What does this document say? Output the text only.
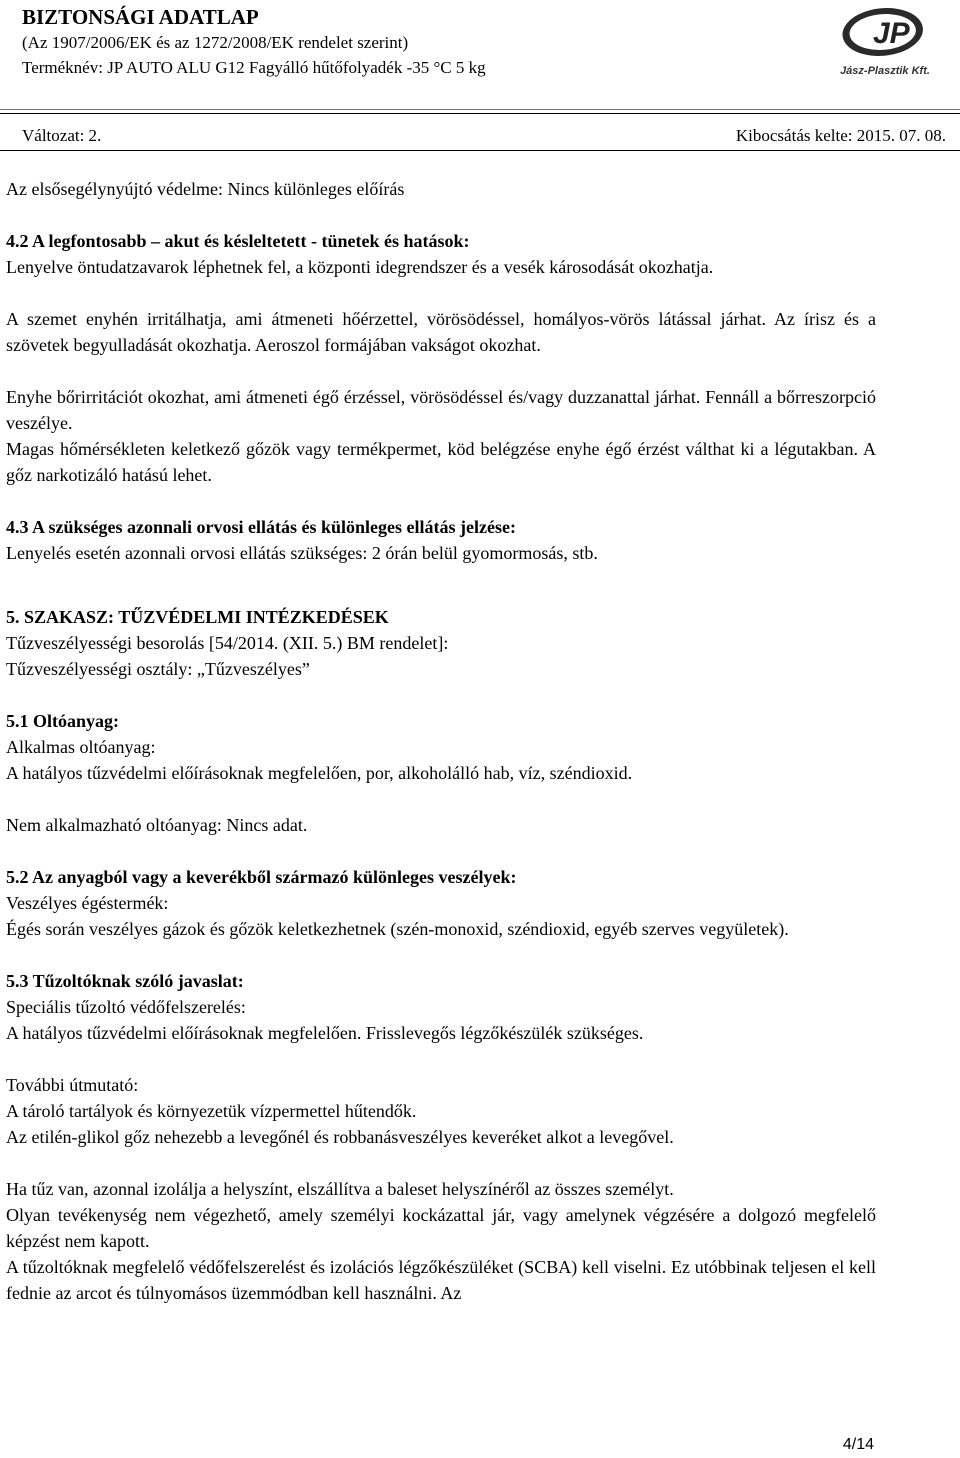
BIZTONSÁGI ADATLAP
(Az 1907/2006/EK és az 1272/2008/EK rendelet szerint)
Terméknév: JP AUTO ALU G12 Fagyálló hűtőfolyadék -35 °C 5 kg
JP
Jász-Plasztik Kft.
Változat: 2.	Kibocsátás kelte: 2015. 07. 08.

Az elsősegélynyújtó védelme: Nincs különleges előírás

4.2 A legfontosabb – akut és késleltetett - tünetek és hatások:

Lenyelve öntudatzavarok léphetnek fel, a központi idegrendszer és a vesék károsodását okozhatja.

A szemet enyhén irritálhatja, ami átmeneti hőérzettel, vörösödéssel, homályos-vörös látással járhat. Az írisz és a szövetek begyulladását okozhatja. Aeroszol formájában vakságot okozhat.

Enyhe bőrirritációt okozhat, ami átmeneti égő érzéssel, vörösödéssel és/vagy duzzanattal járhat. Fennáll a bőrreszorpció veszélye.

Magas hőmérsékleten keletkező gőzök vagy termékpermet, köd belégzése enyhe égő érzést válthat ki a légutakban. A gőz narkotizáló hatású lehet.

4.3 A szükséges azonnali orvosi ellátás és különleges ellátás jelzése:

Lenyelés esetén azonnali orvosi ellátás szükséges: 2 órán belül gyomormosás, stb.

5. SZAKASZ: TŰZVÉDELMI INTÉZKEDÉSEK

Tűzveszélyességi besorolás [54/2014. (XII. 5.) BM rendelet]:

Tűzveszélyességi osztály: „Tűzveszélyes”

5.1 Oltóanyag:

Alkalmas oltóanyag:

A hatályos tűzvédelmi előírásoknak megfelelően, por, alkoholálló hab, víz, széndioxid.

Nem alkalmazható oltóanyag: Nincs adat.

5.2 Az anyagból vagy a keverékből származó különleges veszélyek:

Veszélyes égéstermék:

Égés során veszélyes gázok és gőzök keletkezhetnek (szén-monoxid, széndioxid, egyéb szerves vegyületek).

5.3 Tűzoltóknak szóló javaslat:

Speciális tűzoltó védőfelszerelés:

A hatályos tűzvédelmi előírásoknak megfelelően. Frisslevegős légzőkészülék szükséges.

További útmutató:

A tároló tartályok és környezetük vízpermettel hűtendők.

Az etilén-glikol gőz nehezebb a levegőnél és robbanásveszélyes keveréket alkot a levegővel.

Ha tűz van, azonnal izolálja a helyszínt, elszállítva a baleset helyszínéről az összes személyt.

Olyan tevékenység nem végezhető, amely személyi kockázattal jár, vagy amelynek végzésére a dolgozó megfelelő képzést nem kapott.

A tűzoltóknak megfelelő védőfelszerelést és izolációs légzőkészüléket (SCBA) kell viselni. Ez utóbbinak teljesen el kell fednie az arcot és túlnyomásos üzemmódban kell használni. Az

4/14
